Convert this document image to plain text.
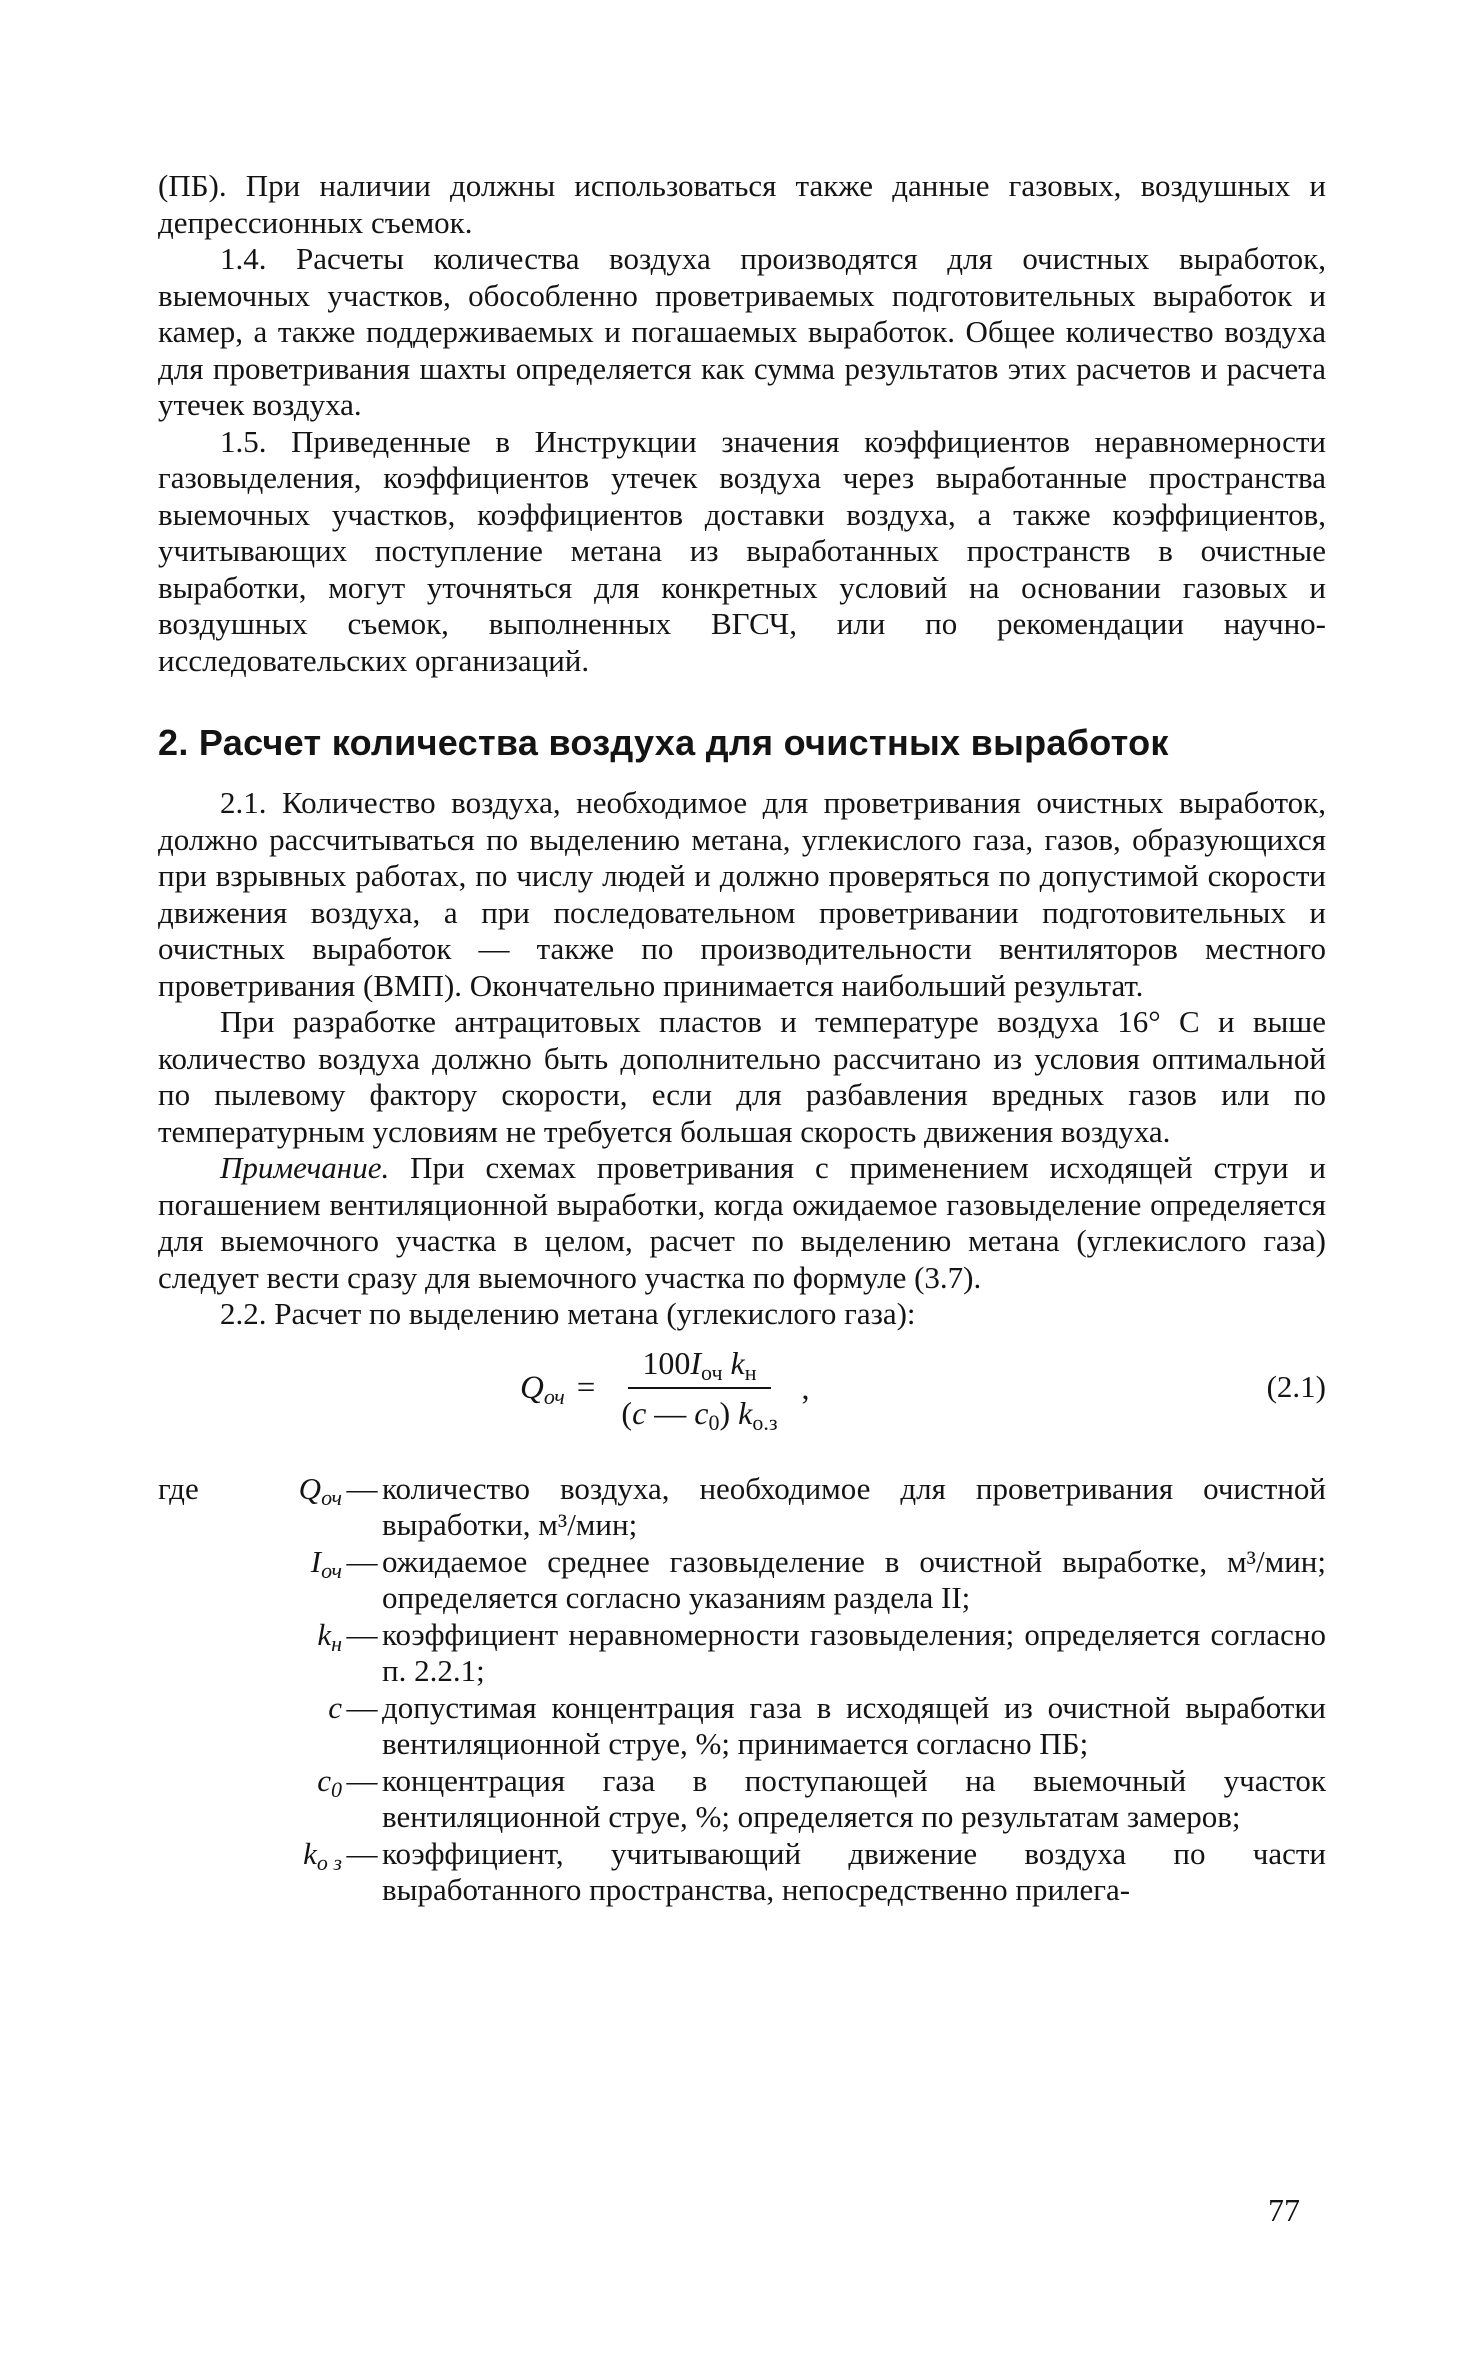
(ПБ). При наличии должны использоваться также данные газовых, воздушных и депрессионных съемок.

1.4. Расчеты количества воздуха производятся для очистных выработок, выемочных участков, обособленно проветриваемых подготовительных выработок и камер, а также поддерживаемых и погашаемых выработок. Общее количество воздуха для проветривания шахты определяется как сумма результатов этих расчетов и расчета утечек воздуха.

1.5. Приведенные в Инструкции значения коэффициентов неравномерности газовыделения, коэффициентов утечек воздуха через выработанные пространства выемочных участков, коэффициентов доставки воздуха, а также коэффициентов, учитывающих поступление метана из выработанных пространств в очистные выработки, могут уточняться для конкретных условий на основании газовых и воздушных съемок, выполненных ВГСЧ, или по рекомендации научно-исследовательских организаций.

2. Расчет количества воздуха для очистных выработок

2.1. Количество воздуха, необходимое для проветривания очистных выработок, должно рассчитываться по выделению метана, углекислого газа, газов, образующихся при взрывных работах, по числу людей и должно проверяться по допустимой скорости движения воздуха, а при последовательном проветривании подготовительных и очистных выработок — также по производительности вентиляторов местного проветривания (ВМП). Окончательно принимается наибольший результат.

При разработке антрацитовых пластов и температуре воздуха 16° С и выше количество воздуха должно быть дополнительно рассчитано из условия оптимальной по пылевому фактору скорости, если для разбавления вредных газов или по температурным условиям не требуется большая скорость движения воздуха.

Примечание. При схемах проветривания с применением исходящей струи и погашением вентиляционной выработки, когда ожидаемое газовыделение определяется для выемочного участка в целом, расчет по выделению метана (углекислого газа) следует вести сразу для выемочного участка по формуле (3.7).

2.2. Расчет по выделению метана (углекислого газа):

$Q_{оч} = \frac{100I_{оч} k_н}{(c — c_0) k_{о.з}}$ ,	(2.1)
где	$Q_{оч}$ — количество воздуха, необходимое для проветривания очистной выработки, м³/мин;
$I_{оч}$ — ожидаемое среднее газовыделение в очистной выработке, м³/мин; определяется согласно указаниям раздела II;
$k_н$ — коэффициент неравномерности газовыделения; определяется согласно п. 2.2.1;
c — допустимая концентрация газа в исходящей из очистной выработки вентиляционной струе, %; принимается согласно ПБ;
$c_0$ — концентрация газа в поступающей на выемочный участок вентиляционной струе, %; определяется по результатам замеров;
$k_{о з}$ — коэффициент, учитывающий движение воздуха по части выработанного пространства, непосредственно прилега-
77
